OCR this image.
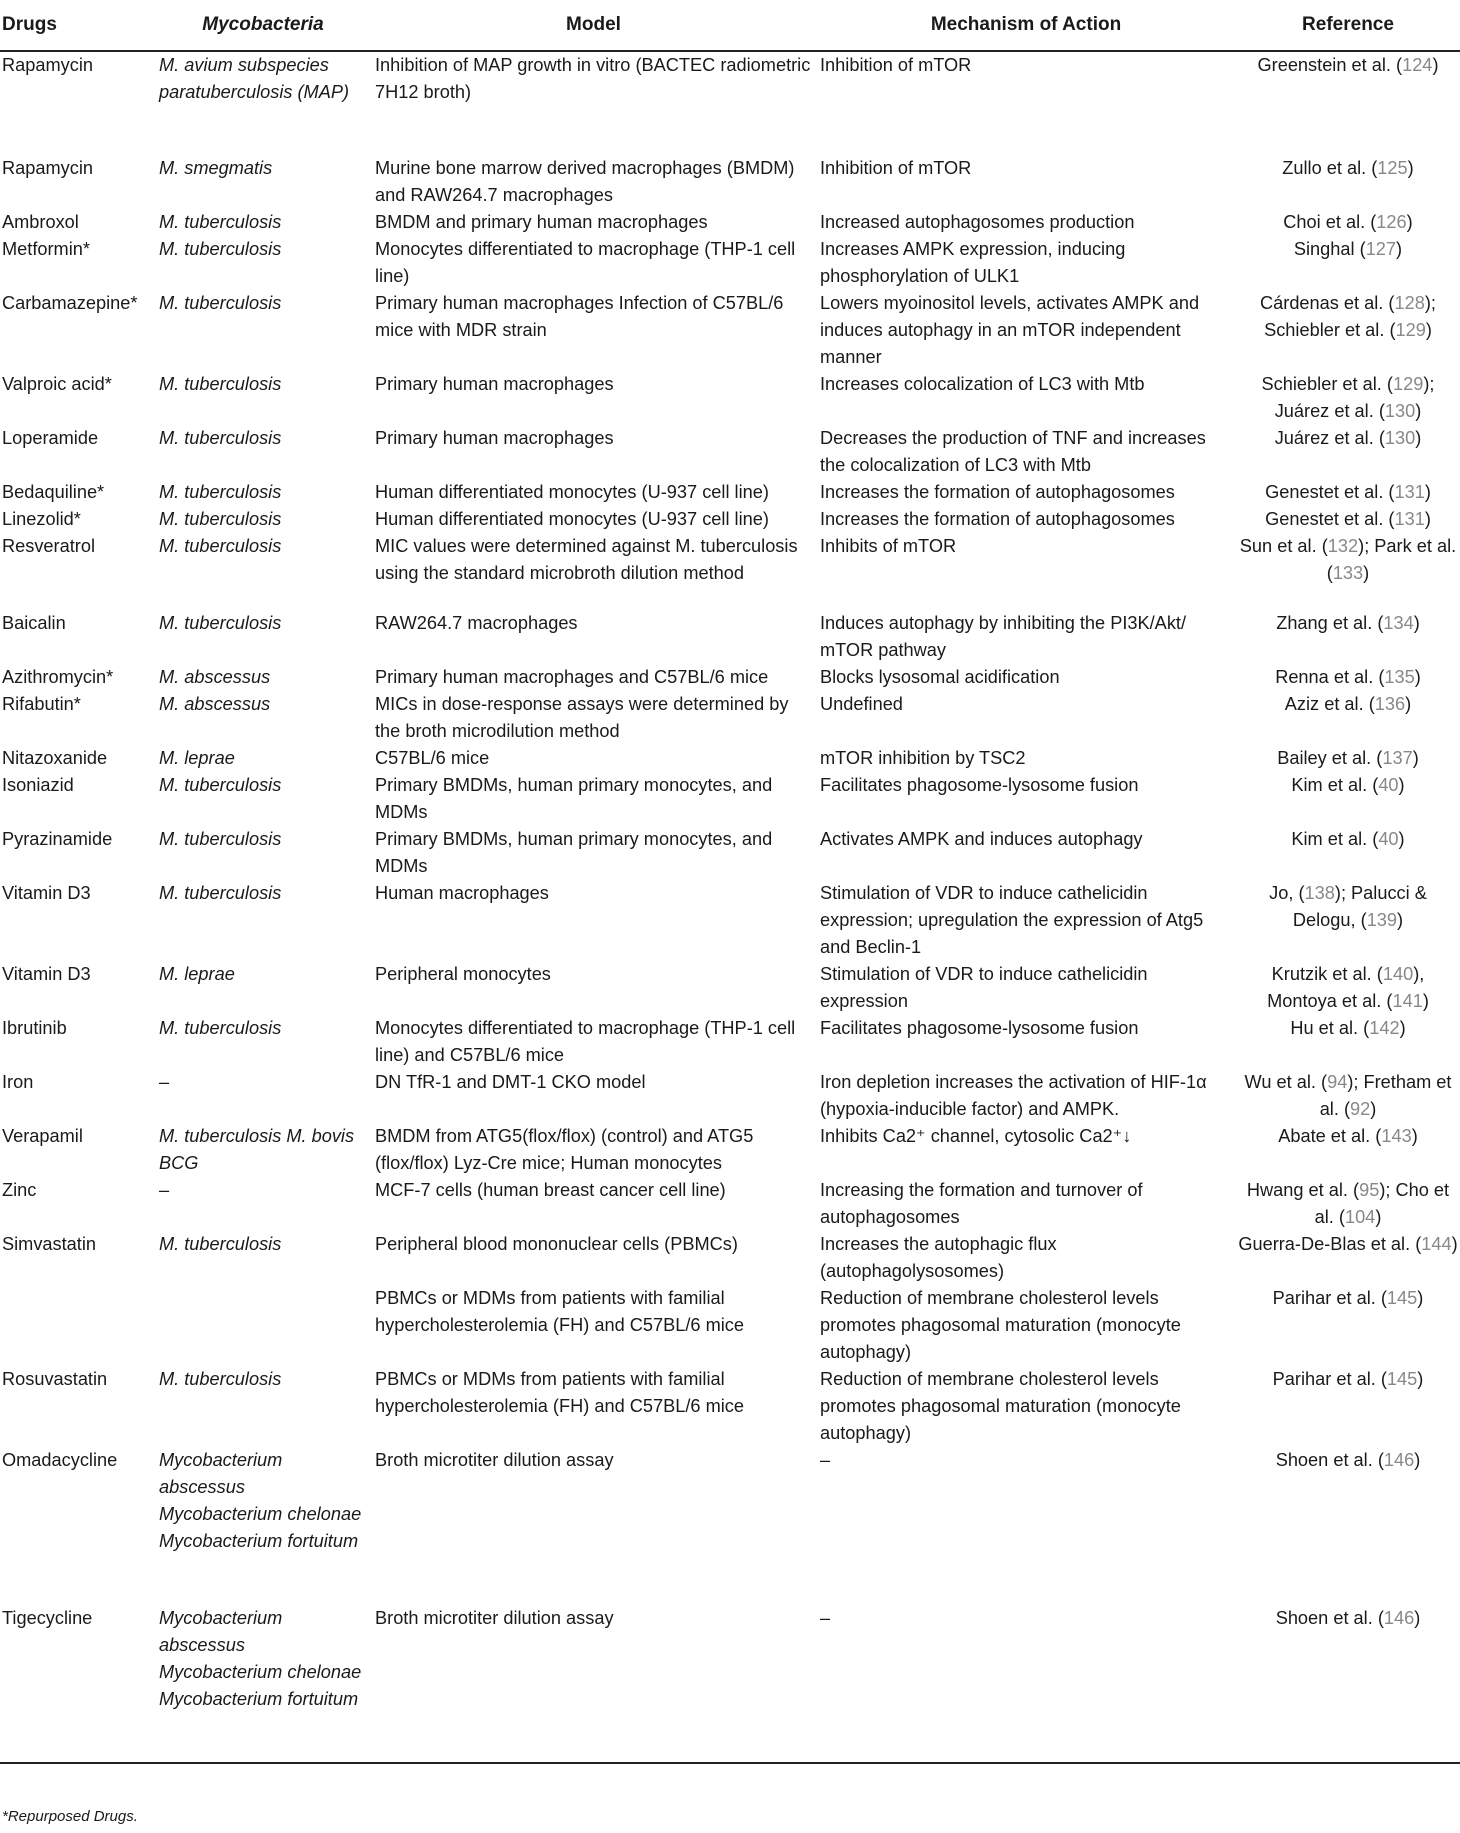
Drugs	Mycobacteria	Model	Mechanism of Action	Reference
Rapamycin	M. avium subspecies paratuberculosis (MAP)	Inhibition of MAP growth in vitro (BACTEC radiometric 7H12 broth)	Inhibition of mTOR	Greenstein et al. (124)
Rapamycin	M. smegmatis	Murine bone marrow derived macrophages (BMDM) and RAW264.7 macrophages	Inhibition of mTOR	Zullo et al. (125)
Ambroxol	M. tuberculosis	BMDM and primary human macrophages	Increased autophagosomes production	Choi et al. (126)
Metformin*	M. tuberculosis	Monocytes differentiated to macrophage (THP-1 cell line)	Increases AMPK expression, inducing phosphorylation of ULK1	Singhal (127)
Carbamazepine*	M. tuberculosis	Primary human macrophages Infection of C57BL/6 mice with MDR strain	Lowers myoinositol levels, activates AMPK and induces autophagy in an mTOR independent manner	Cárdenas et al. (128); Schiebler et al. (129)
Valproic acid*	M. tuberculosis	Primary human macrophages	Increases colocalization of LC3 with Mtb	Schiebler et al. (129); Juárez et al. (130)
Loperamide	M. tuberculosis	Primary human macrophages	Decreases the production of TNF and increases the colocalization of LC3 with Mtb	Juárez et al. (130)
Bedaquiline*	M. tuberculosis	Human differentiated monocytes (U-937 cell line)	Increases the formation of autophagosomes	Genestet et al. (131)
Linezolid*	M. tuberculosis	Human differentiated monocytes (U-937 cell line)	Increases the formation of autophagosomes	Genestet et al. (131)
Resveratrol	M. tuberculosis	MIC values were determined against M. tuberculosis using the standard microbroth dilution method	Inhibits of mTOR	Sun et al. (132); Park et al. (133)
Baicalin	M. tuberculosis	RAW264.7 macrophages	Induces autophagy by inhibiting the PI3K/Akt/ mTOR pathway	Zhang et al. (134)
Azithromycin*	M. abscessus	Primary human macrophages and C57BL/6 mice	Blocks lysosomal acidification	Renna et al. (135)
Rifabutin*	M. abscessus	MICs in dose-response assays were determined by the broth microdilution method	Undefined	Aziz et al. (136)
Nitazoxanide	M. leprae	C57BL/6 mice	mTOR inhibition by TSC2	Bailey et al. (137)
Isoniazid	M. tuberculosis	Primary BMDMs, human primary monocytes, and MDMs	Facilitates phagosome-lysosome fusion	Kim et al. (40)
Pyrazinamide	M. tuberculosis	Primary BMDMs, human primary monocytes, and MDMs	Activates AMPK and induces autophagy	Kim et al. (40)
Vitamin D3	M. tuberculosis	Human macrophages	Stimulation of VDR to induce cathelicidin expression; upregulation the expression of Atg5 and Beclin-1	Jo, (138); Palucci & Delogu, (139)
Vitamin D3	M. leprae	Peripheral monocytes	Stimulation of VDR to induce cathelicidin expression	Krutzik et al. (140), Montoya et al. (141)
Ibrutinib	M. tuberculosis	Monocytes differentiated to macrophage (THP-1 cell line) and C57BL/6 mice	Facilitates phagosome-lysosome fusion	Hu et al. (142)
Iron	–	DN TfR-1 and DMT-1 CKO model	Iron depletion increases the activation of HIF-1α (hypoxia-inducible factor) and AMPK.	Wu et al. (94); Fretham et al. (92)
Verapamil	M. tuberculosis M. bovis BCG	BMDM from ATG5(flox/flox) (control) and ATG5 (flox/flox) Lyz-Cre mice; Human monocytes	Inhibits Ca2⁺ channel, cytosolic Ca2⁺↓	Abate et al. (143)
Zinc	–	MCF-7 cells (human breast cancer cell line)	Increasing the formation and turnover of autophagosomes	Hwang et al. (95); Cho et al. (104)
Simvastatin	M. tuberculosis	Peripheral blood mononuclear cells (PBMCs)	Increases the autophagic flux (autophagolysosomes)	Guerra-De-Blas et al. (144)
		PBMCs or MDMs from patients with familial hypercholesterolemia (FH) and C57BL/6 mice	Reduction of membrane cholesterol levels promotes phagosomal maturation (monocyte autophagy)	Parihar et al. (145)
Rosuvastatin	M. tuberculosis	PBMCs or MDMs from patients with familial hypercholesterolemia (FH) and C57BL/6 mice	Reduction of membrane cholesterol levels promotes phagosomal maturation (monocyte autophagy)	Parihar et al. (145)
Omadacycline	Mycobacterium abscessus Mycobacterium chelonae Mycobacterium fortuitum	Broth microtiter dilution assay	–	Shoen et al. (146)
Tigecycline	Mycobacterium abscessus Mycobacterium chelonae Mycobacterium fortuitum	Broth microtiter dilution assay	–	Shoen et al. (146)
*Repurposed Drugs.
